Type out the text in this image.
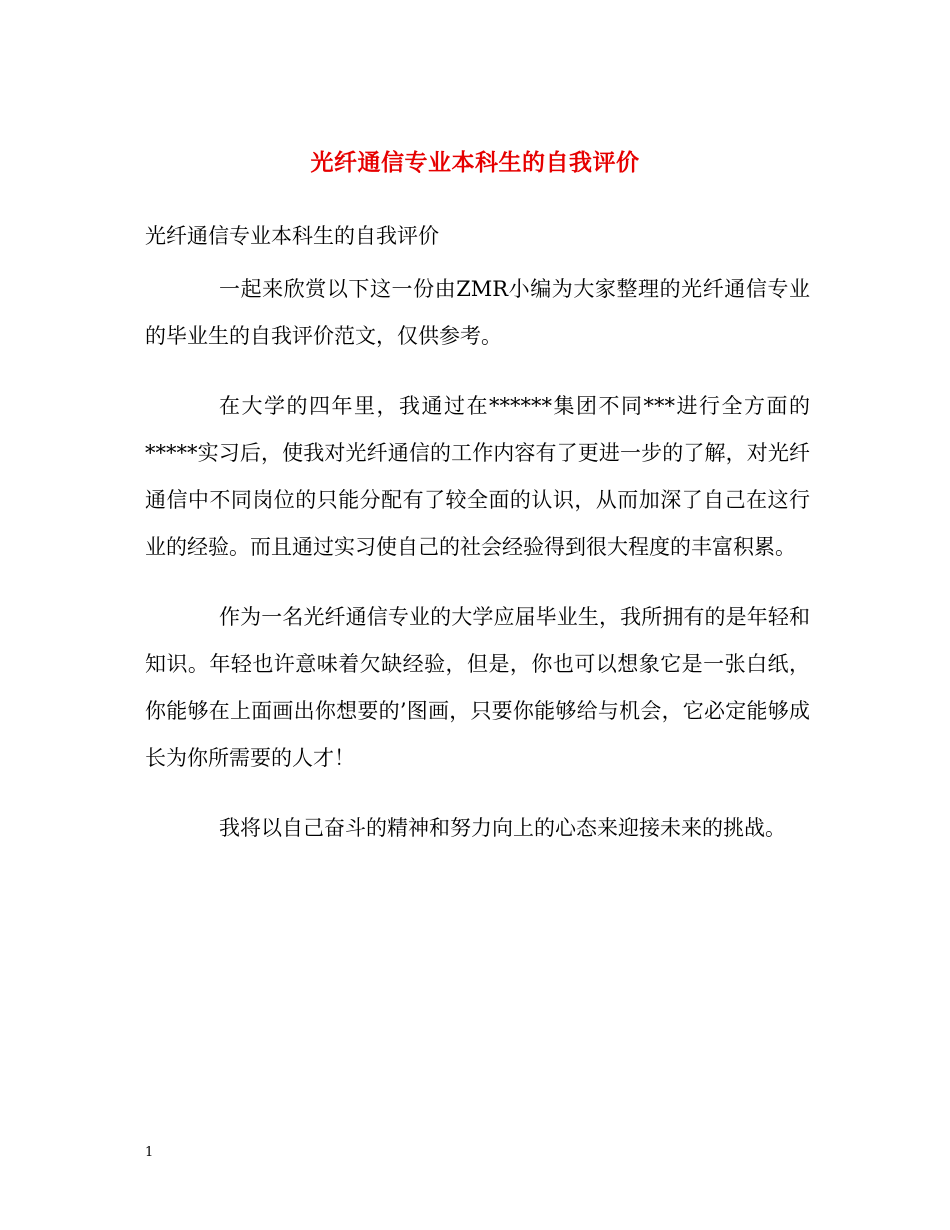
光纤通信专业本科生的自我评价

光纤通信专业本科生的自我评价

一起来欣赏以下这一份由ZMR小编为大家整理的光纤通信专业的毕业生的自我评价范文，仅供参考。

在大学的四年里，我通过在******集团不同***进行全方面的*****实习后，使我对光纤通信的工作内容有了更进一步的了解，对光纤通信中不同岗位的只能分配有了较全面的认识，从而加深了自己在这行业的经验。而且通过实习使自己的社会经验得到很大程度的丰富积累。

作为一名光纤通信专业的大学应届毕业生，我所拥有的是年轻和知识。年轻也许意味着欠缺经验，但是，你也可以想象它是一张白纸，你能够在上面画出你想要的’图画，只要你能够给与机会，它必定能够成长为你所需要的人才！

我将以自己奋斗的精神和努力向上的心态来迎接未来的挑战。

1
